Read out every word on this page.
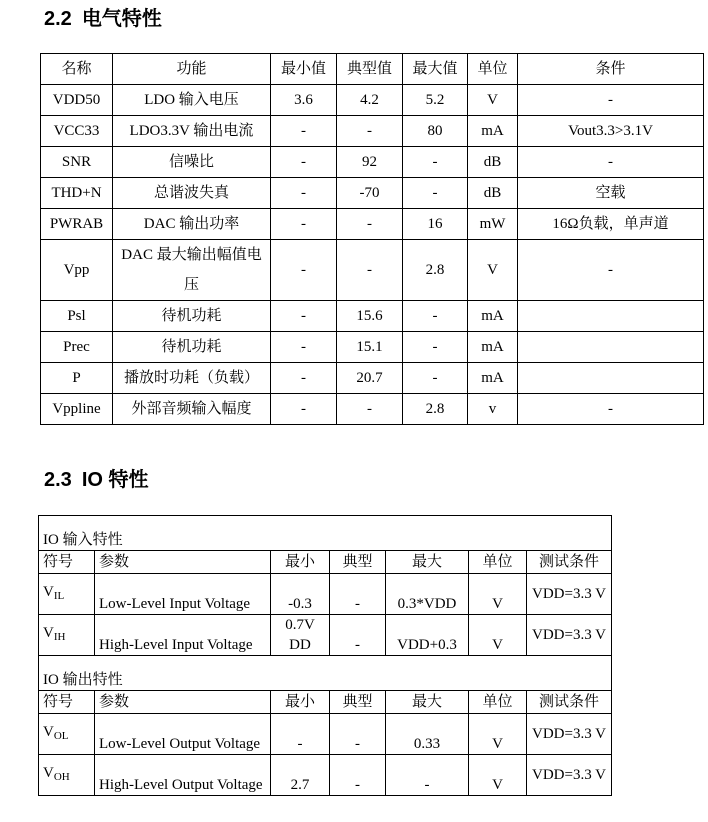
2.2 电气特性
名称	功能	最小值	典型值	最大值	单位	条件
VDD50	LDO 输入电压	3.6	4.2	5.2	V	-
VCC33	LDO3.3V 输出电流	-	-	80	mA	Vout3.3>3.1V
SNR	信噪比	-	92	-	dB	-
THD+N	总谐波失真	-	-70	-	dB	空载
PWRAB	DAC 输出功率	-	-	16	mW	16Ω负载，单声道
Vpp	DAC 最大输出幅值电压	-	-	2.8	V	-
Psl	待机功耗	-	15.6	-	mA	
Prec	待机功耗	-	15.1	-	mA	
P	播放时功耗（负载）	-	20.7	-	mA	
Vppline	外部音频输入幅度	-	-	2.8	v	-
2.3 IO 特性
IO 输入特性						
符号	参数	最小	典型	最大	单位	测试条件
$V_{IL}$	Low-Level Input Voltage	-0.3	-	0.3*VDD	V	VDD=3.3 V
$V_{IH}$	High-Level Input Voltage	0.7V DD	-	VDD+0.3	V	VDD=3.3 V
IO 输出特性						
符号	参数	最小	典型	最大	单位	测试条件
$V_{OL}$	Low-Level Output Voltage	-	-	0.33	V	VDD=3.3 V
$V_{OH}$	High-Level Output Voltage	2.7	-	-	V	VDD=3.3 V
